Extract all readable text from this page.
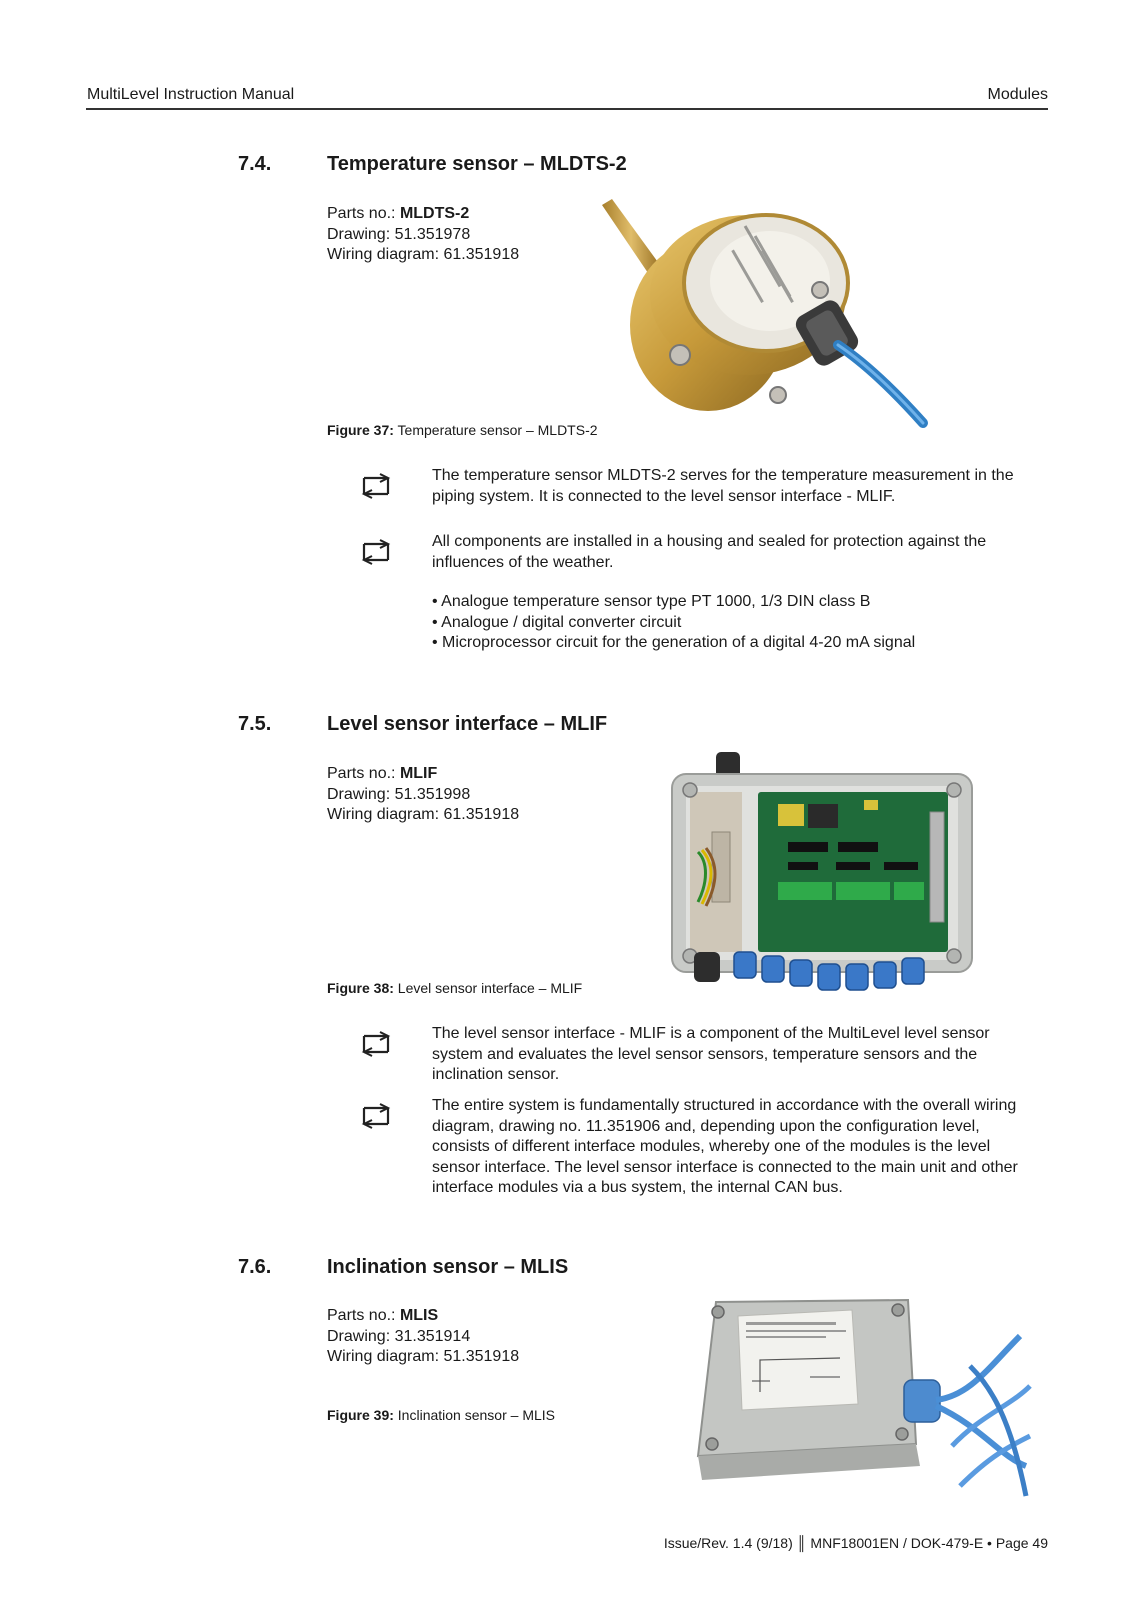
MultiLevel Instruction Manual	Modules
7.4.	Temperature sensor – MLDTS-2
Parts no.: MLDTS-2
Drawing: 51.351978
Wiring diagram: 61.351918
Figure 37: Temperature sensor – MLDTS-2
The temperature sensor MLDTS-2 serves for the temperature measurement in the piping system. It is connected to the level sensor interface - MLIF.
All components are installed in a housing and sealed for protection against the influences of the weather.
• Analogue temperature sensor type PT 1000, 1/3 DIN class B
• Analogue / digital converter circuit
• Microprocessor circuit for the generation of a digital 4-20 mA signal
7.5.	Level sensor interface – MLIF
Parts no.: MLIF
Drawing: 51.351998
Wiring diagram: 61.351918
Figure 38: Level sensor interface – MLIF
The level sensor interface - MLIF is a component of the MultiLevel level sensor system and evaluates the level sensor sensors, temperature sensors and the inclination sensor.
The entire system is fundamentally structured in accordance with the overall wiring diagram, drawing no. 11.351906 and, depending upon the configuration level, consists of different interface modules, whereby one of the modules is the level sensor interface. The level sensor interface is connected to the main unit and other interface modules via a bus system, the internal CAN bus.
7.6.	Inclination sensor – MLIS
Parts no.: MLIS
Drawing: 31.351914
Wiring diagram: 51.351918
Figure 39: Inclination sensor – MLIS
Issue/Rev. 1.4 (9/18) ║ MNF18001EN / DOK-479-E • Page 49
